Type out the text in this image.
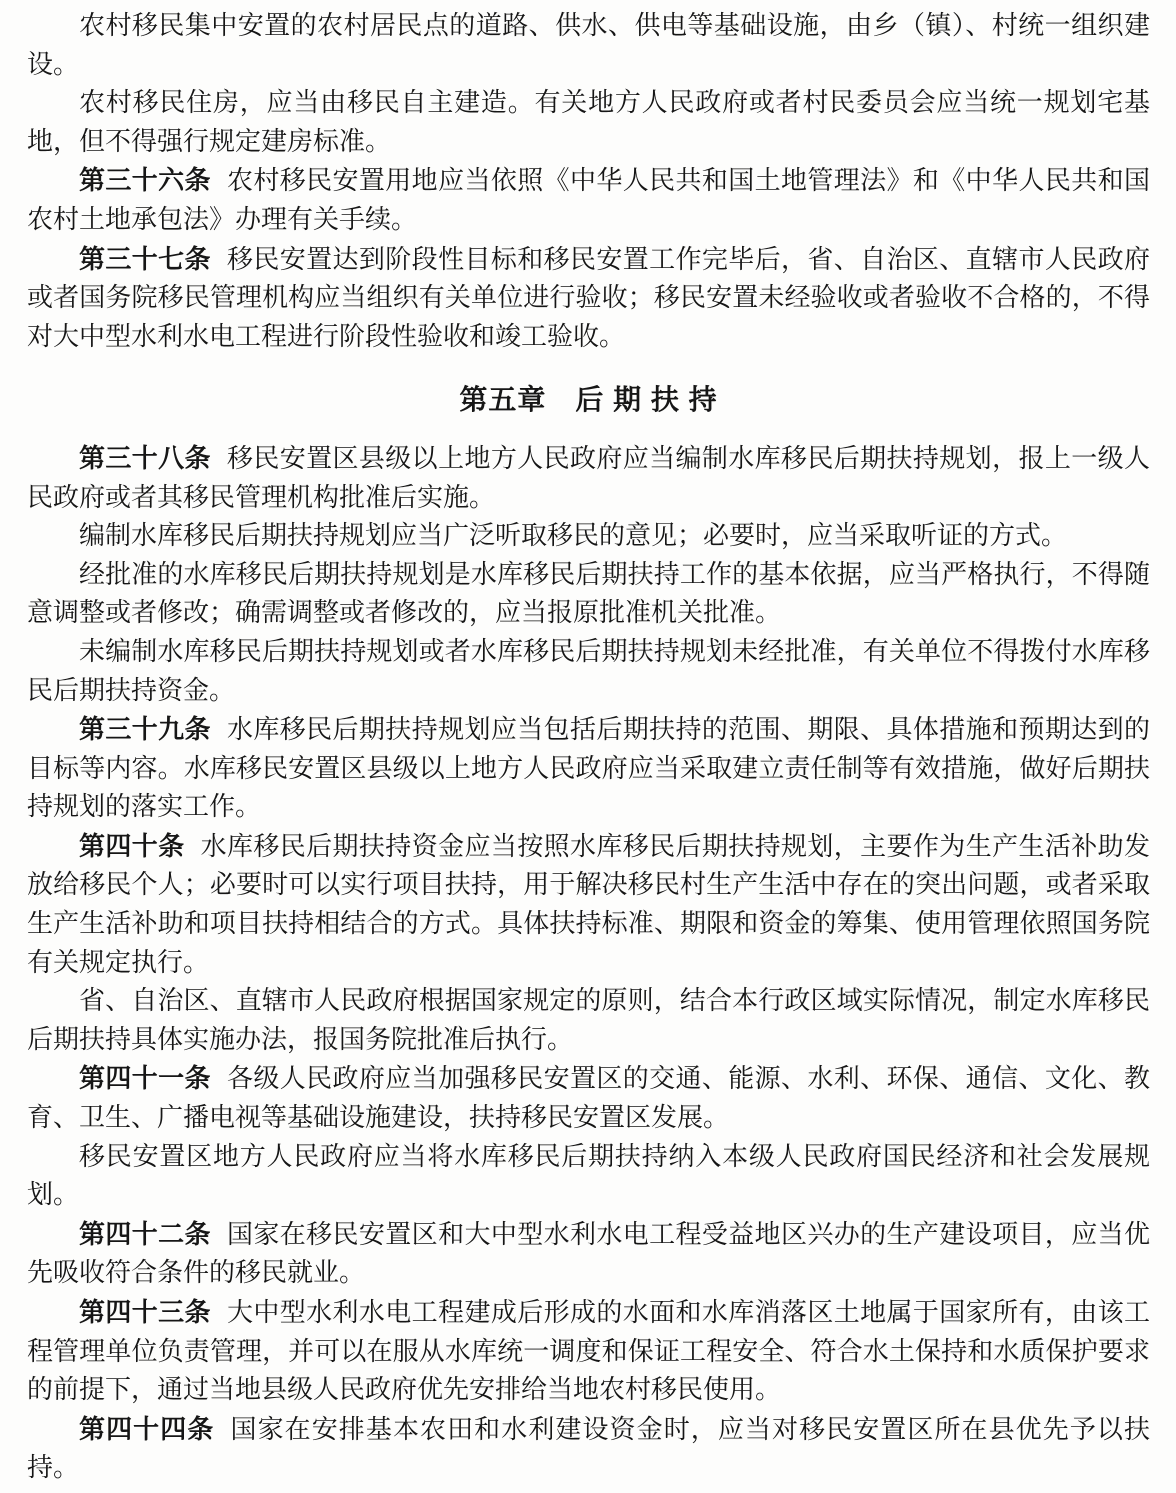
农村移民集中安置的农村居民点的道路、供水、供电等基础设施，由乡（镇）、村统一组织建设。

农村移民住房，应当由移民自主建造。有关地方人民政府或者村民委员会应当统一规划宅基地，但不得强行规定建房标准。

第三十六条 农村移民安置用地应当依照《中华人民共和国土地管理法》和《中华人民共和国农村土地承包法》办理有关手续。

第三十七条 移民安置达到阶段性目标和移民安置工作完毕后，省、自治区、直辖市人民政府或者国务院移民管理机构应当组织有关单位进行验收；移民安置未经验收或者验收不合格的，不得对大中型水利水电工程进行阶段性验收和竣工验收。

第五章　后 期 扶 持

第三十八条 移民安置区县级以上地方人民政府应当编制水库移民后期扶持规划，报上一级人民政府或者其移民管理机构批准后实施。

编制水库移民后期扶持规划应当广泛听取移民的意见；必要时，应当采取听证的方式。

经批准的水库移民后期扶持规划是水库移民后期扶持工作的基本依据，应当严格执行，不得随意调整或者修改；确需调整或者修改的，应当报原批准机关批准。

未编制水库移民后期扶持规划或者水库移民后期扶持规划未经批准，有关单位不得拨付水库移民后期扶持资金。

第三十九条 水库移民后期扶持规划应当包括后期扶持的范围、期限、具体措施和预期达到的目标等内容。水库移民安置区县级以上地方人民政府应当采取建立责任制等有效措施，做好后期扶持规划的落实工作。

第四十条 水库移民后期扶持资金应当按照水库移民后期扶持规划，主要作为生产生活补助发放给移民个人；必要时可以实行项目扶持，用于解决移民村生产生活中存在的突出问题，或者采取生产生活补助和项目扶持相结合的方式。具体扶持标准、期限和资金的筹集、使用管理依照国务院有关规定执行。

省、自治区、直辖市人民政府根据国家规定的原则，结合本行政区域实际情况，制定水库移民后期扶持具体实施办法，报国务院批准后执行。

第四十一条 各级人民政府应当加强移民安置区的交通、能源、水利、环保、通信、文化、教育、卫生、广播电视等基础设施建设，扶持移民安置区发展。

移民安置区地方人民政府应当将水库移民后期扶持纳入本级人民政府国民经济和社会发展规划。

第四十二条 国家在移民安置区和大中型水利水电工程受益地区兴办的生产建设项目，应当优先吸收符合条件的移民就业。

第四十三条 大中型水利水电工程建成后形成的水面和水库消落区土地属于国家所有，由该工程管理单位负责管理，并可以在服从水库统一调度和保证工程安全、符合水土保持和水质保护要求的前提下，通过当地县级人民政府优先安排给当地农村移民使用。

第四十四条 国家在安排基本农田和水利建设资金时，应当对移民安置区所在县优先予以扶持。
